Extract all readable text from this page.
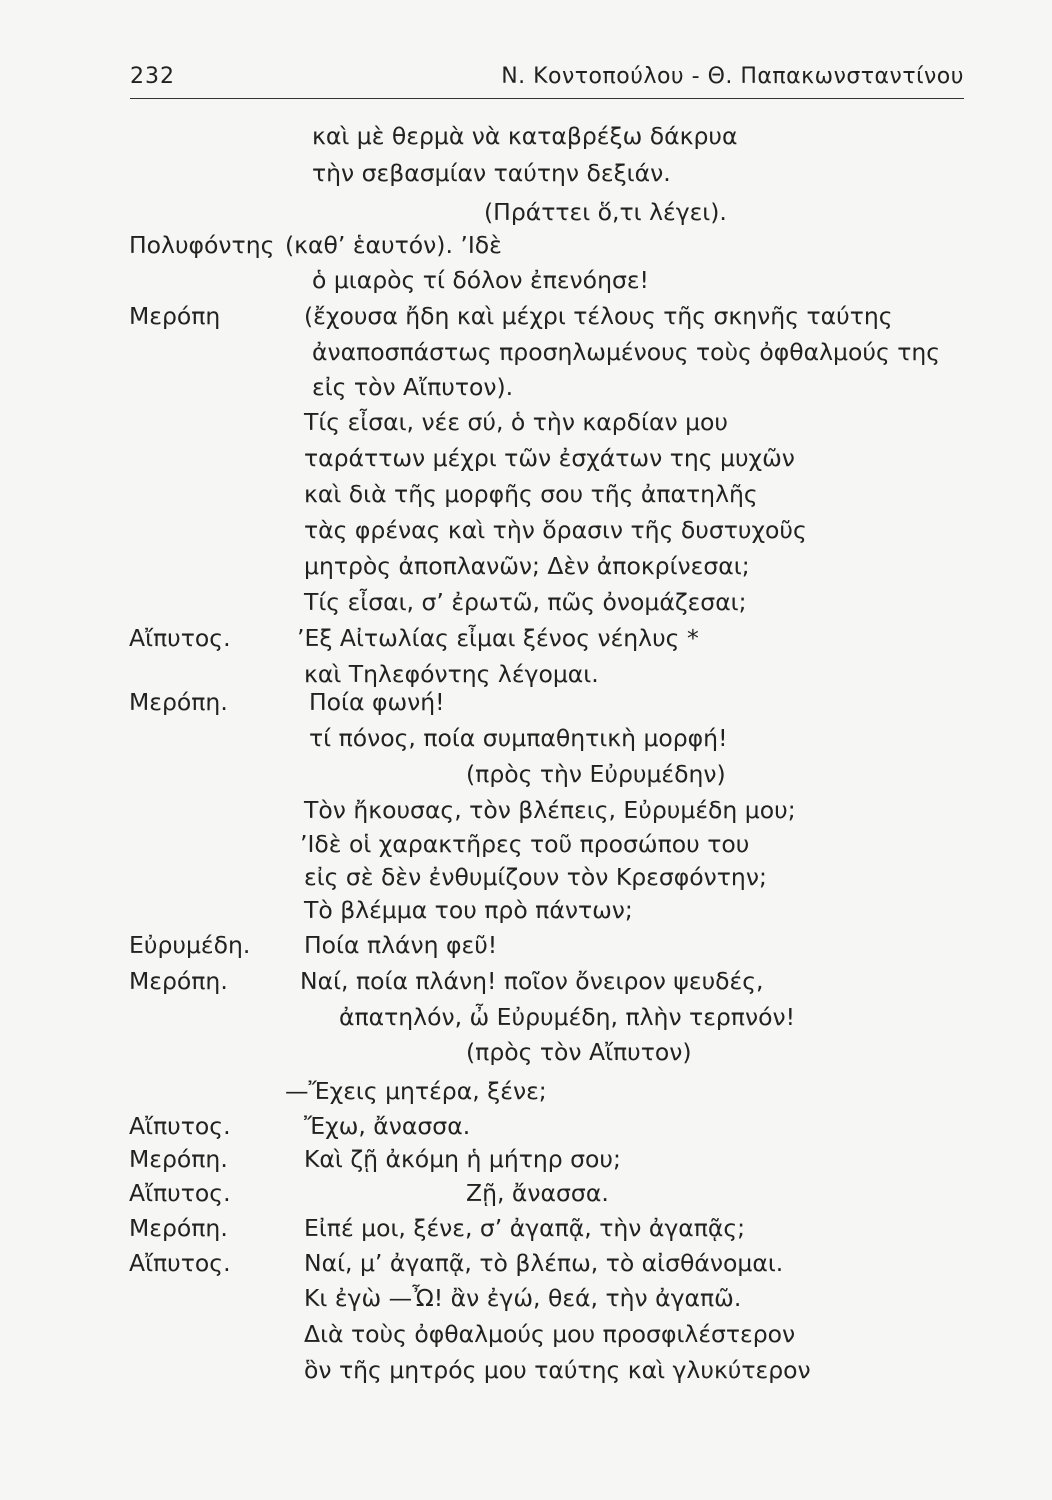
232	Ν. Κοντοπούλου - Θ. Παπακωνσταντίνου
καὶ μὲ θερμὰ νὰ καταβρέξω δάκρυα
τὴν σεβασμίαν ταύτην δεξιάν.
(Πράττει ὅ,τι λέγει).
Πολυφόντης (καθ’ ἑαυτόν). ’Ιδὲ
ὁ μιαρὸς τί δόλον ἐπενόησε!
Μερόπη	(ἔχουσα ἤδη καὶ μέχρι τέλους τῆς σκηνῆς ταύτης
ἀναποσπάστως προσηλωμένους τοὺς ὀφθαλμούς της
εἰς τὸν Αἴπυτον).
Τίς εἶσαι, νέε σύ, ὁ τὴν καρδίαν μου
ταράττων μέχρι τῶν ἐσχάτων της μυχῶν
καὶ διὰ τῆς μορφῆς σου τῆς ἀπατηλῆς
τὰς φρένας καὶ τὴν ὅρασιν τῆς δυστυχοῦς
μητρὸς ἀποπλανῶν; Δὲν ἀποκρίνεσαι;
Τίς εἶσαι, σ’ ἐρωτῶ, πῶς ὀνομάζεσαι;
Αἴπυτος.	’Εξ Αἰτωλίας εἶμαι ξένος νέηλυς *
καὶ Τηλεφόντης λέγομαι.
Μερόπη.	Ποία φωνή!
τί πόνος, ποία συμπαθητικὴ μορφή!
(πρὸς τὴν Εὐρυμέδην)
Τὸν ἤκουσας, τὸν βλέπεις, Εὐρυμέδη μου;
’Ιδὲ οἱ χαρακτῆρες τοῦ προσώπου του
εἰς σὲ δὲν ἐνθυμίζουν τὸν Κρεσφόντην;
Τὸ βλέμμα του πρὸ πάντων;
Εὐρυμέδη. Ποία πλάνη φεῦ!
Μερόπη.	Ναί, ποία πλάνη! ποῖον ὄνειρον ψευδές,
ἀπατηλόν, ὦ Εὐρυμέδη, πλὴν τερπνόν!
(πρὸς τὸν Αἴπυτον)
—Ἔχεις μητέρα, ξένε;
Αἴπυτος.	Ἔχω, ἄνασσα.
Μερόπη.	Καὶ ζῇ ἀκόμη ἡ μήτηρ σου;
Αἴπυτος.	Ζῇ, ἄνασσα.
Μερόπη.	Εἰπέ μοι, ξένε, σ’ ἀγαπᾷ, τὴν ἀγαπᾷς;
Αἴπυτος.	Ναί, μ’ ἀγαπᾷ, τὸ βλέπω, τὸ αἰσθάνομαι.
Κι ἐγὼ —Ὦ! ἂν ἐγώ, θεά, τὴν ἀγαπῶ.
Διὰ τοὺς ὀφθαλμούς μου προσφιλέστερον
ὃν τῆς μητρός μου ταύτης καὶ γλυκύτερον
